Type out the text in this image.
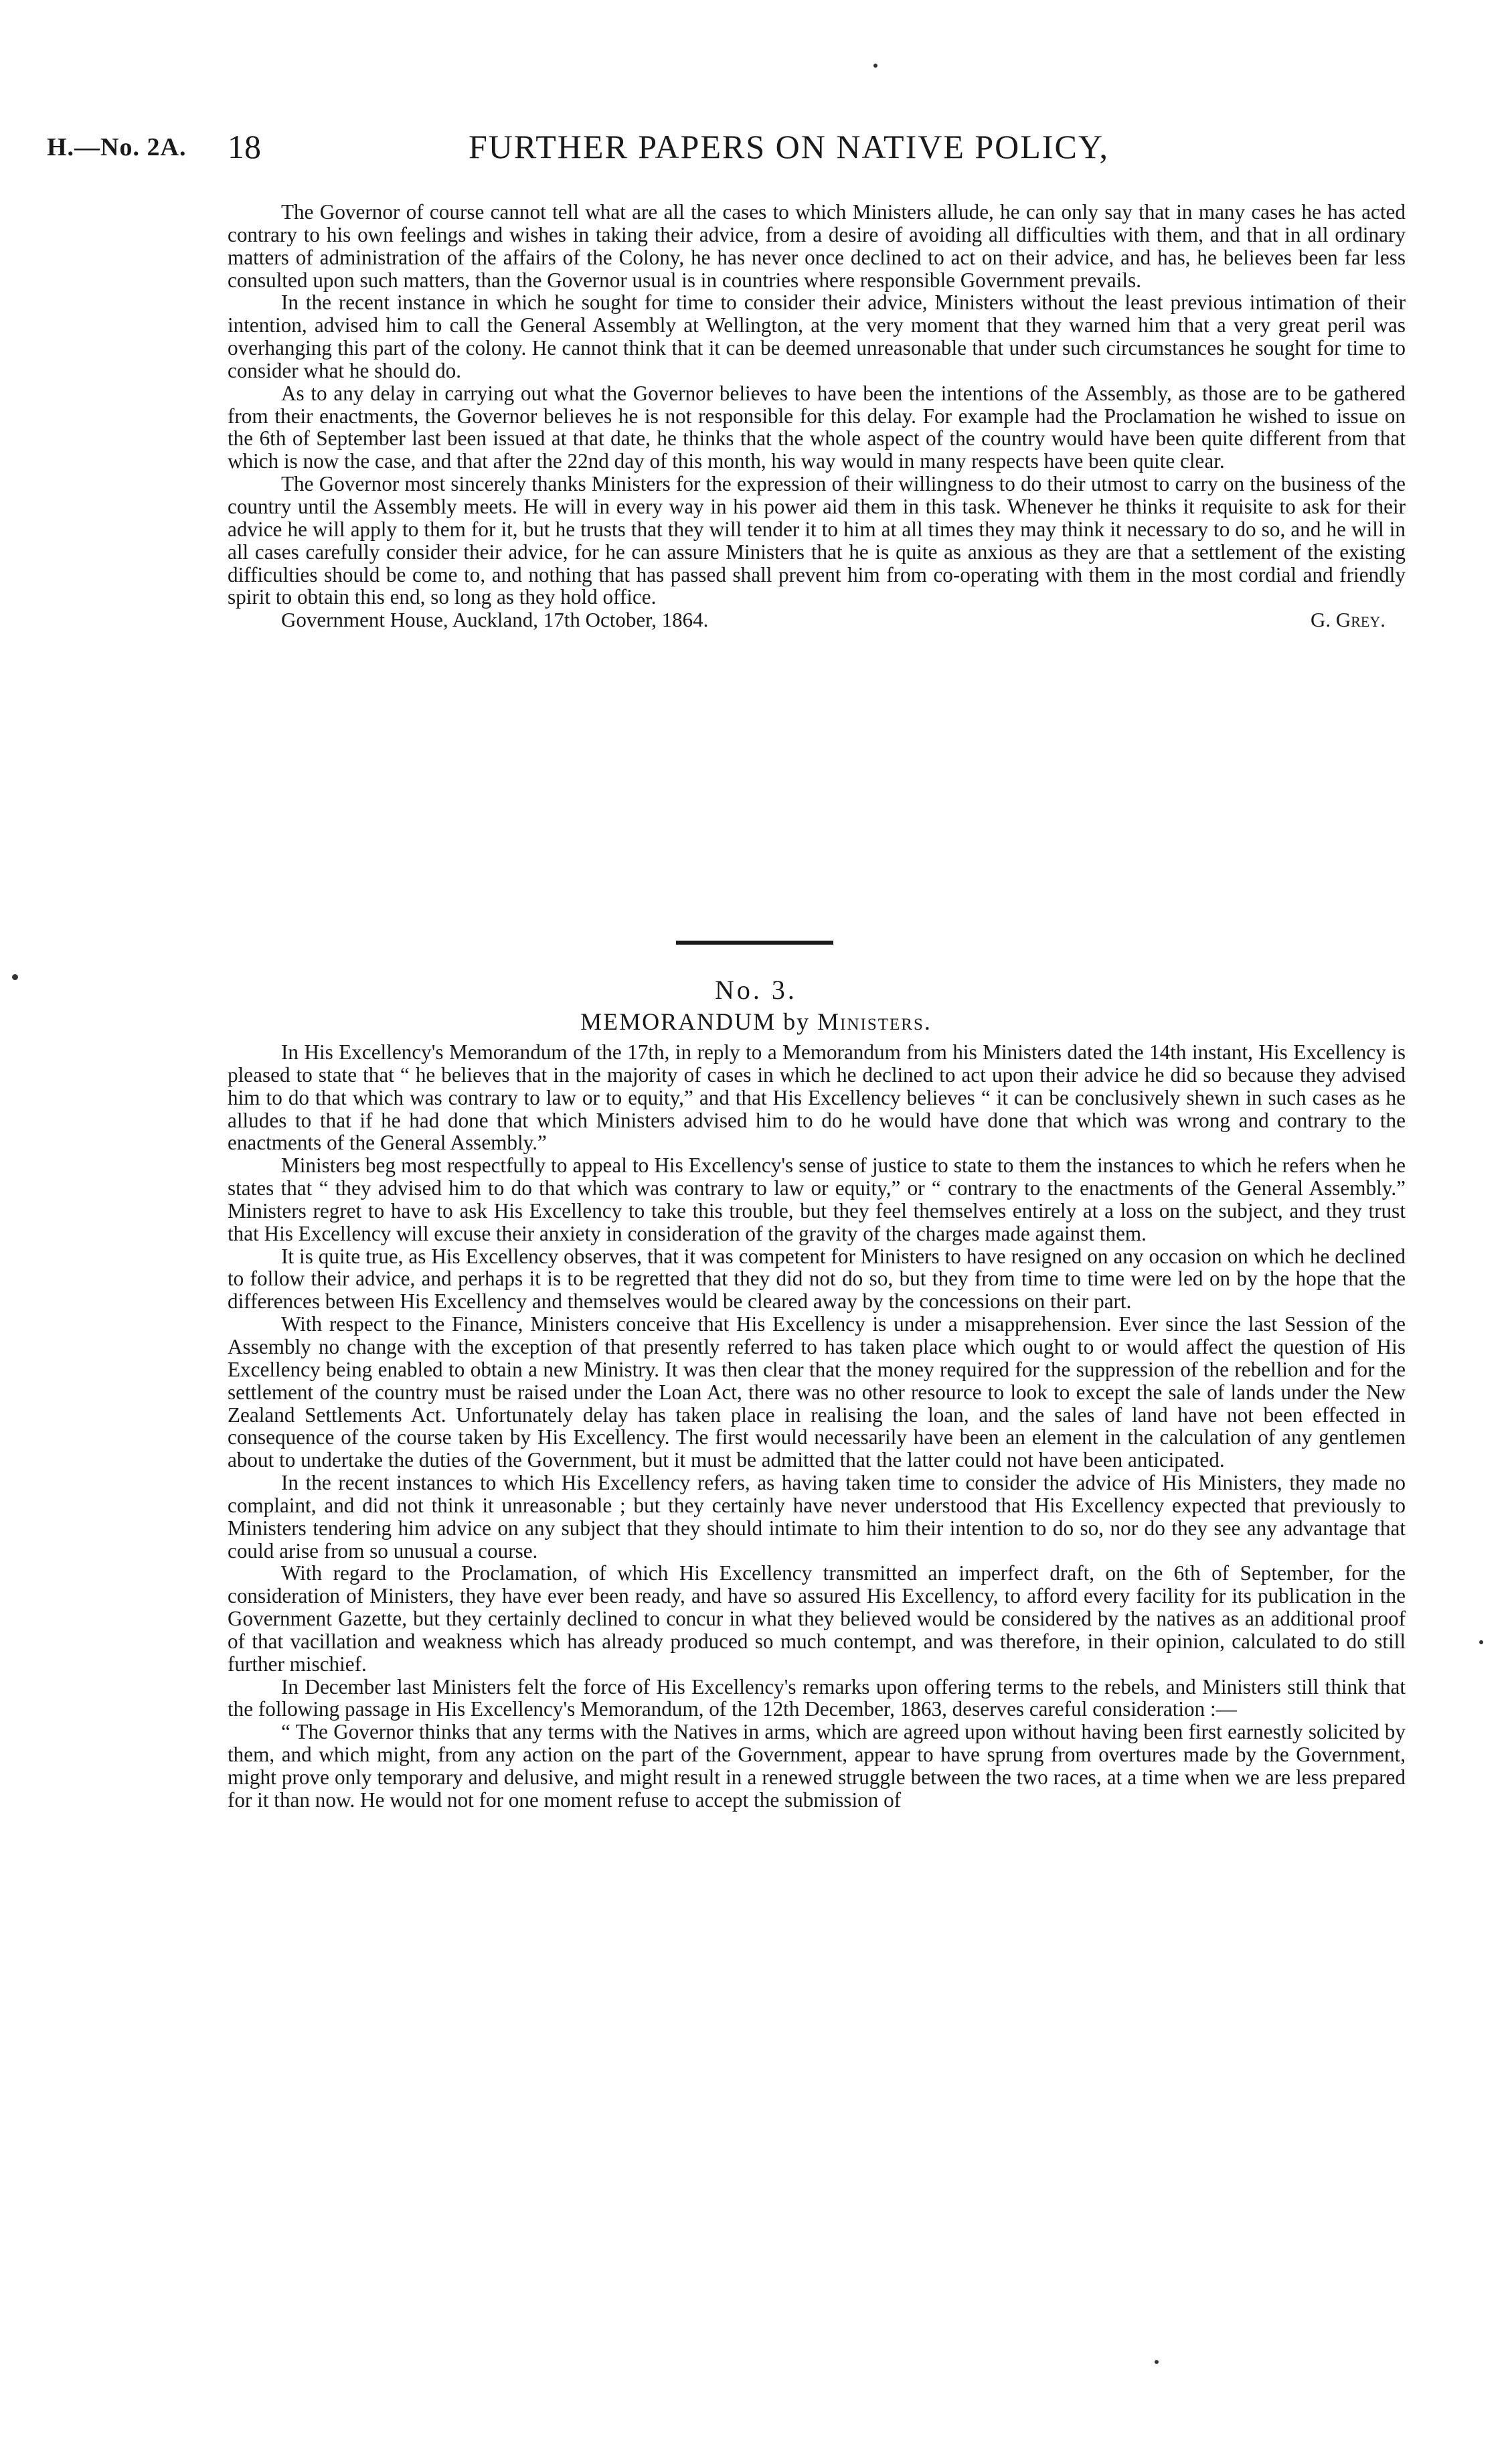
H.—No. 2A. 18	FURTHER PAPERS ON NATIVE POLICY,

The Governor of course cannot tell what are all the cases to which Ministers allude, he can only say that in many cases he has acted contrary to his own feelings and wishes in taking their advice, from a desire of avoiding all difficulties with them, and that in all ordinary matters of administration of the affairs of the Colony, he has never once declined to act on their advice, and has, he believes been far less consulted upon such matters, than the Governor usual is in countries where responsible Government prevails.

In the recent instance in which he sought for time to consider their advice, Ministers without the least previous intimation of their intention, advised him to call the General Assembly at Wellington, at the very moment that they warned him that a very great peril was overhanging this part of the colony. He cannot think that it can be deemed unreasonable that under such circumstances he sought for time to consider what he should do.

As to any delay in carrying out what the Governor believes to have been the intentions of the Assembly, as those are to be gathered from their enactments, the Governor believes he is not responsible for this delay. For example had the Proclamation he wished to issue on the 6th of September last been issued at that date, he thinks that the whole aspect of the country would have been quite different from that which is now the case, and that after the 22nd day of this month, his way would in many respects have been quite clear.

The Governor most sincerely thanks Ministers for the expression of their willingness to do their utmost to carry on the business of the country until the Assembly meets. He will in every way in his power aid them in this task. Whenever he thinks it requisite to ask for their advice he will apply to them for it, but he trusts that they will tender it to him at all times they may think it necessary to do so, and he will in all cases carefully consider their advice, for he can assure Ministers that he is quite as anxious as they are that a settlement of the existing difficulties should be come to, and nothing that has passed shall prevent him from co-operating with them in the most cordial and friendly spirit to obtain this end, so long as they hold office.

Government House, Auckland, 17th October, 1864.	G. Grey.
No. 3.
MEMORANDUM by Ministers.

In His Excellency's Memorandum of the 17th, in reply to a Memorandum from his Ministers dated the 14th instant, His Excellency is pleased to state that “ he believes that in the majority of cases in which he declined to act upon their advice he did so because they advised him to do that which was contrary to law or to equity,” and that His Excellency believes “ it can be conclusively shewn in such cases as he alludes to that if he had done that which Ministers advised him to do he would have done that which was wrong and contrary to the enactments of the General Assembly.”

Ministers beg most respectfully to appeal to His Excellency's sense of justice to state to them the instances to which he refers when he states that “ they advised him to do that which was contrary to law or equity,” or “ contrary to the enactments of the General Assembly.” Ministers regret to have to ask His Excellency to take this trouble, but they feel themselves entirely at a loss on the subject, and they trust that His Excellency will excuse their anxiety in consideration of the gravity of the charges made against them.

It is quite true, as His Excellency observes, that it was competent for Ministers to have resigned on any occasion on which he declined to follow their advice, and perhaps it is to be regretted that they did not do so, but they from time to time were led on by the hope that the differences between His Excellency and themselves would be cleared away by the concessions on their part.

With respect to the Finance, Ministers conceive that His Excellency is under a misapprehension. Ever since the last Session of the Assembly no change with the exception of that presently referred to has taken place which ought to or would affect the question of His Excellency being enabled to obtain a new Ministry. It was then clear that the money required for the suppression of the rebellion and for the settlement of the country must be raised under the Loan Act, there was no other resource to look to except the sale of lands under the New Zealand Settlements Act. Unfortunately delay has taken place in realising the loan, and the sales of land have not been effected in consequence of the course taken by His Excellency. The first would necessarily have been an element in the calculation of any gentlemen about to undertake the duties of the Government, but it must be admitted that the latter could not have been anticipated.

In the recent instances to which His Excellency refers, as having taken time to consider the advice of His Ministers, they made no complaint, and did not think it unreasonable ; but they certainly have never understood that His Excellency expected that previously to Ministers tendering him advice on any subject that they should intimate to him their intention to do so, nor do they see any advantage that could arise from so unusual a course.

With regard to the Proclamation, of which His Excellency transmitted an imperfect draft, on the 6th of September, for the consideration of Ministers, they have ever been ready, and have so assured His Excellency, to afford every facility for its publication in the Government Gazette, but they certainly declined to concur in what they believed would be considered by the natives as an additional proof of that vacillation and weakness which has already produced so much contempt, and was therefore, in their opinion, calculated to do still further mischief.

In December last Ministers felt the force of His Excellency's remarks upon offering terms to the rebels, and Ministers still think that the following passage in His Excellency's Memorandum, of the 12th December, 1863, deserves careful consideration :—

“ The Governor thinks that any terms with the Natives in arms, which are agreed upon without having been first earnestly solicited by them, and which might, from any action on the part of the Government, appear to have sprung from overtures made by the Government, might prove only temporary and delusive, and might result in a renewed struggle between the two races, at a time when we are less prepared for it than now. He would not for one moment refuse to accept the submission of
